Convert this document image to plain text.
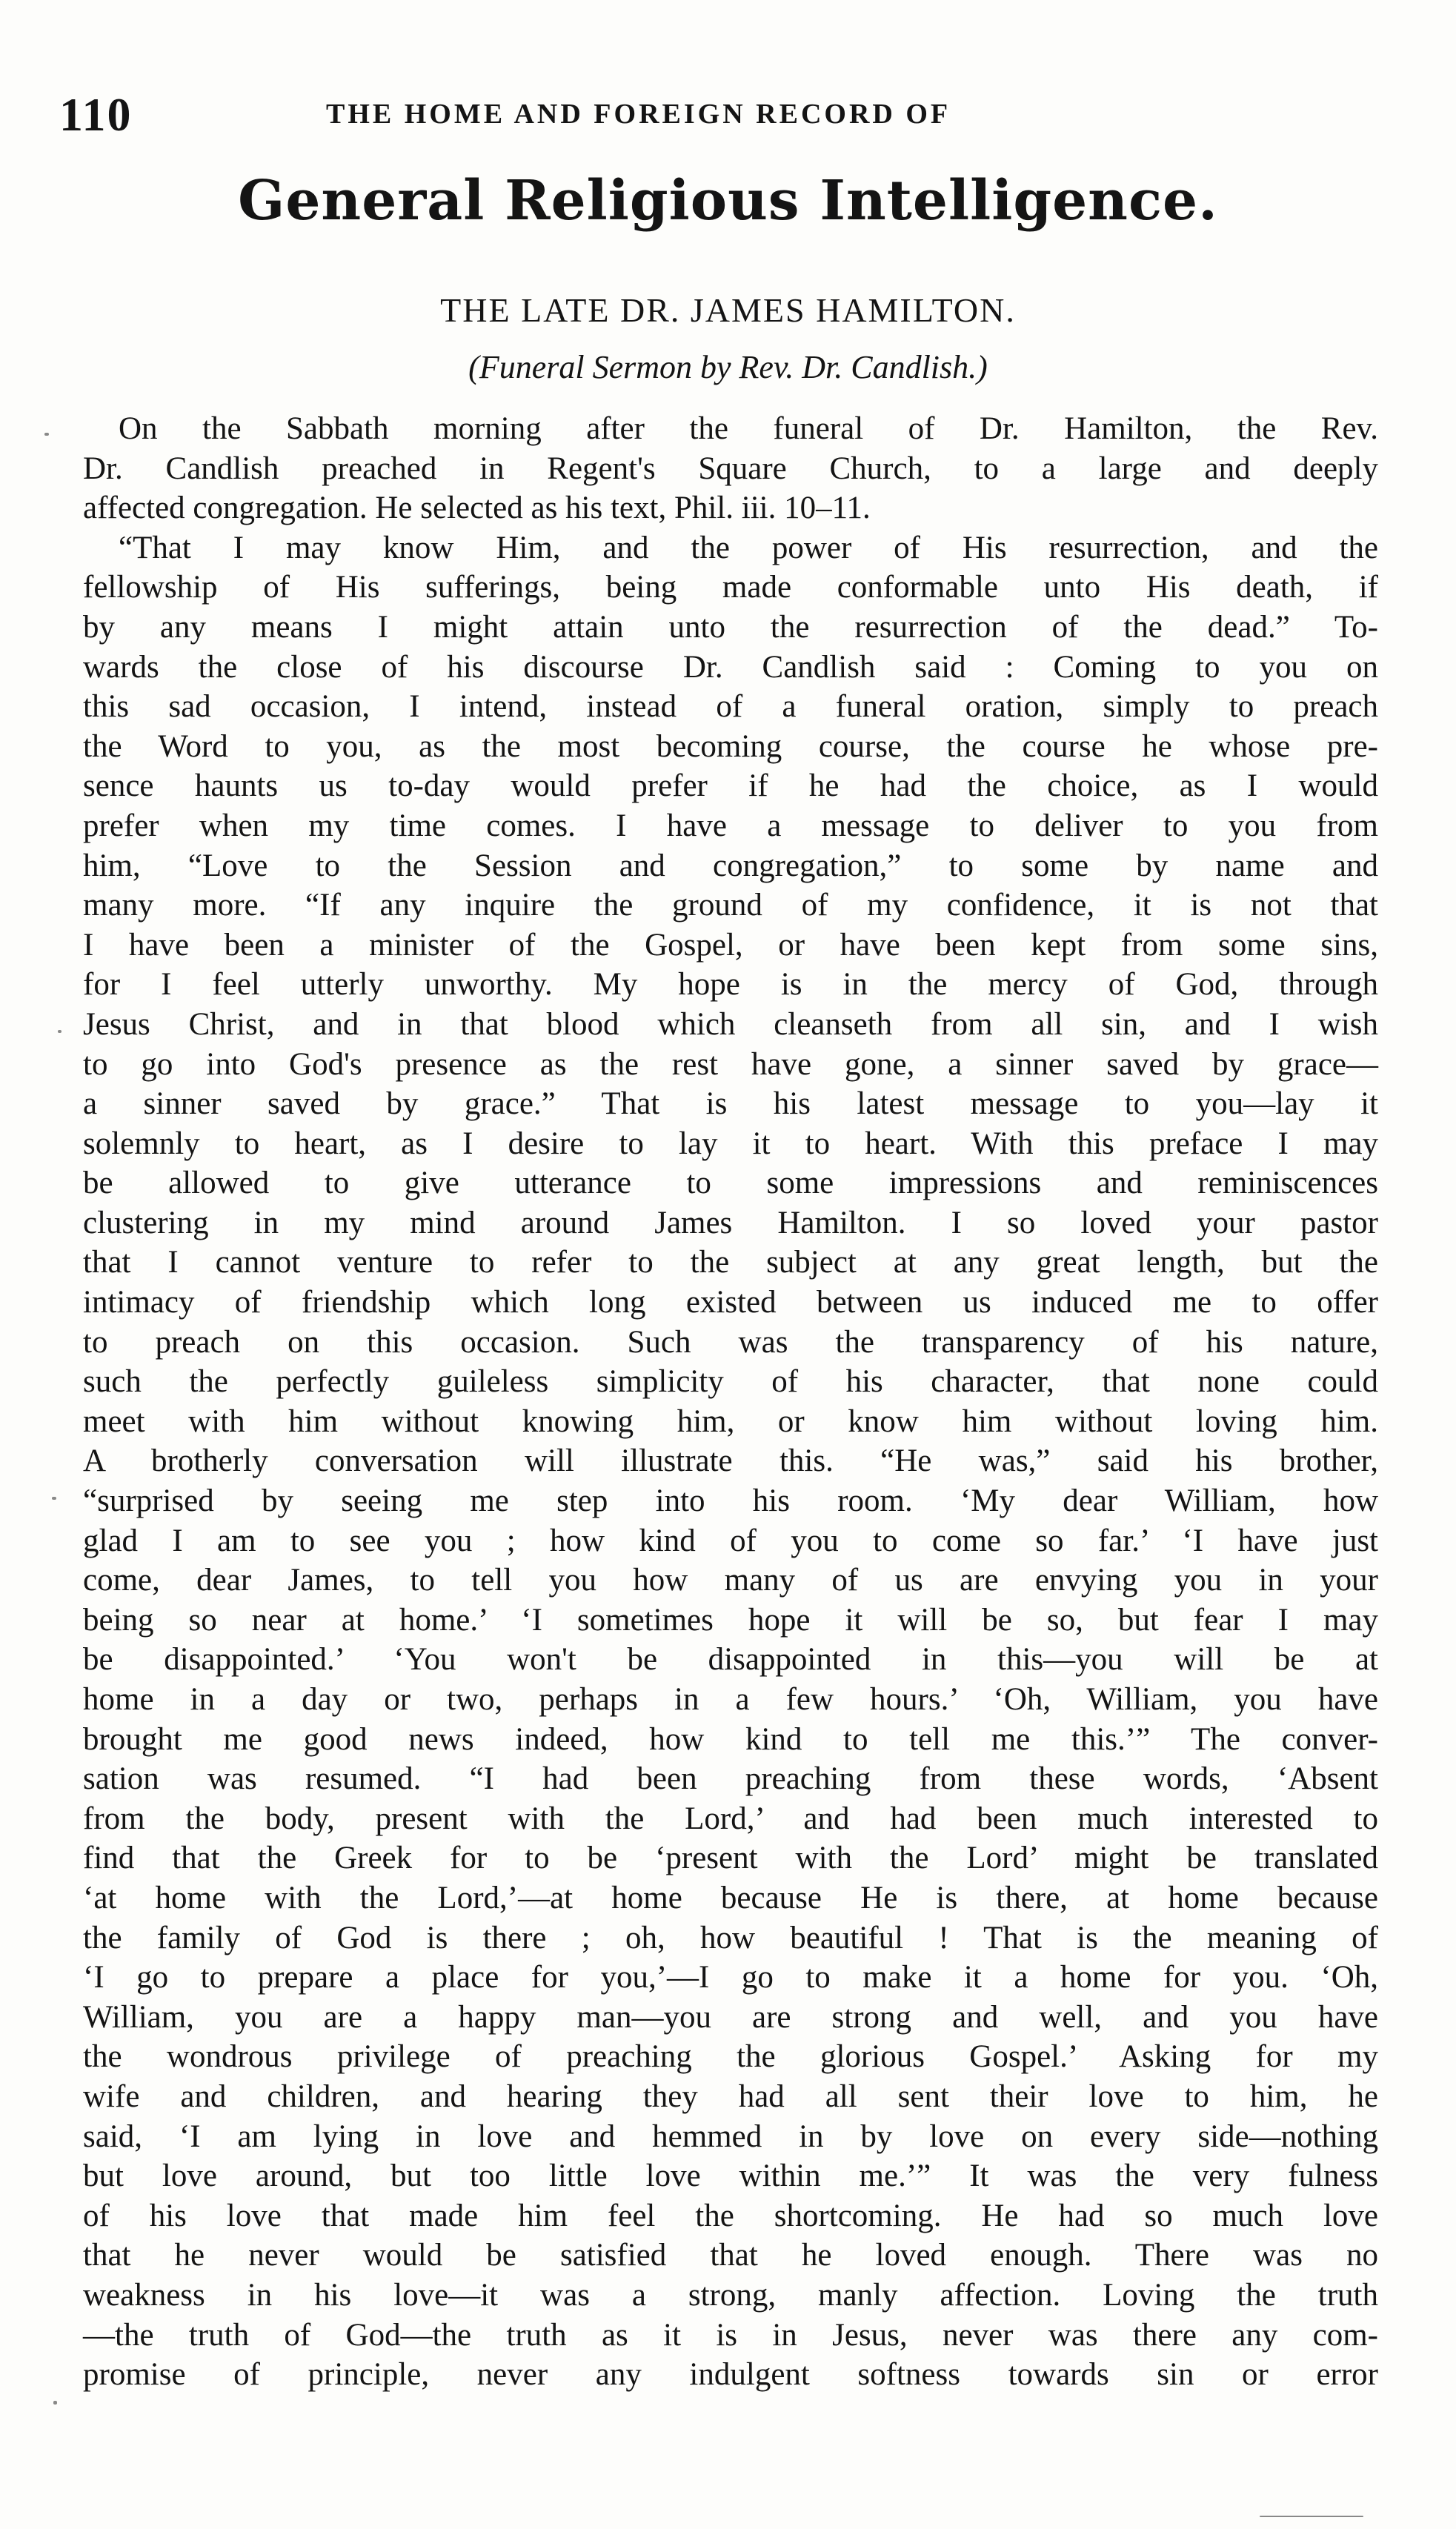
110	THE HOME AND FOREIGN RECORD OF
General Religious Intelligence.
THE LATE DR. JAMES HAMILTON.
(Funeral Sermon by Rev. Dr. Candlish.)
On the Sabbath morning after the funeral of Dr. Hamilton, the Rev.
Dr. Candlish preached in Regent's Square Church, to a large and deeply
affected congregation. He selected as his text, Phil. iii. 10–11.
“That I may know Him, and the power of His resurrection, and the
fellowship of His sufferings, being made conformable unto His death, if
by any means I might attain unto the resurrection of the dead.” To-
wards the close of his discourse Dr. Candlish said : Coming to you on
this sad occasion, I intend, instead of a funeral oration, simply to preach
the Word to you, as the most becoming course, the course he whose pre-
sence haunts us to-day would prefer if he had the choice, as I would
prefer when my time comes. I have a message to deliver to you from
him, “Love to the Session and congregation,” to some by name and
many more. “If any inquire the ground of my confidence, it is not that
I have been a minister of the Gospel, or have been kept from some sins,
for I feel utterly unworthy. My hope is in the mercy of God, through
Jesus Christ, and in that blood which cleanseth from all sin, and I wish
to go into God's presence as the rest have gone, a sinner saved by grace—
a sinner saved by grace.” That is his latest message to you—lay it
solemnly to heart, as I desire to lay it to heart. With this preface I may
be allowed to give utterance to some impressions and reminiscences
clustering in my mind around James Hamilton. I so loved your pastor
that I cannot venture to refer to the subject at any great length, but the
intimacy of friendship which long existed between us induced me to offer
to preach on this occasion. Such was the transparency of his nature,
such the perfectly guileless simplicity of his character, that none could
meet with him without knowing him, or know him without loving him.
A brotherly conversation will illustrate this. “He was,” said his brother,
“surprised by seeing me step into his room. ‘My dear William, how
glad I am to see you ; how kind of you to come so far.’ ‘I have just
come, dear James, to tell you how many of us are envying you in your
being so near at home.’ ‘I sometimes hope it will be so, but fear I may
be disappointed.’ ‘You won't be disappointed in this—you will be at
home in a day or two, perhaps in a few hours.’ ‘Oh, William, you have
brought me good news indeed, how kind to tell me this.’” The conver-
sation was resumed. “I had been preaching from these words, ‘Absent
from the body, present with the Lord,’ and had been much interested to
find that the Greek for to be ‘present with the Lord’ might be translated
‘at home with the Lord,’—at home because He is there, at home because
the family of God is there ; oh, how beautiful ! That is the meaning of
‘I go to prepare a place for you,’—I go to make it a home for you. ‘Oh,
William, you are a happy man—you are strong and well, and you have
the wondrous privilege of preaching the glorious Gospel.’ Asking for my
wife and children, and hearing they had all sent their love to him, he
said, ‘I am lying in love and hemmed in by love on every side—nothing
but love around, but too little love within me.’” It was the very fulness
of his love that made him feel the shortcoming. He had so much love
that he never would be satisfied that he loved enough. There was no
weakness in his love—it was a strong, manly affection. Loving the truth
—the truth of God—the truth as it is in Jesus, never was there any com-
promise of principle, never any indulgent softness towards sin or error
